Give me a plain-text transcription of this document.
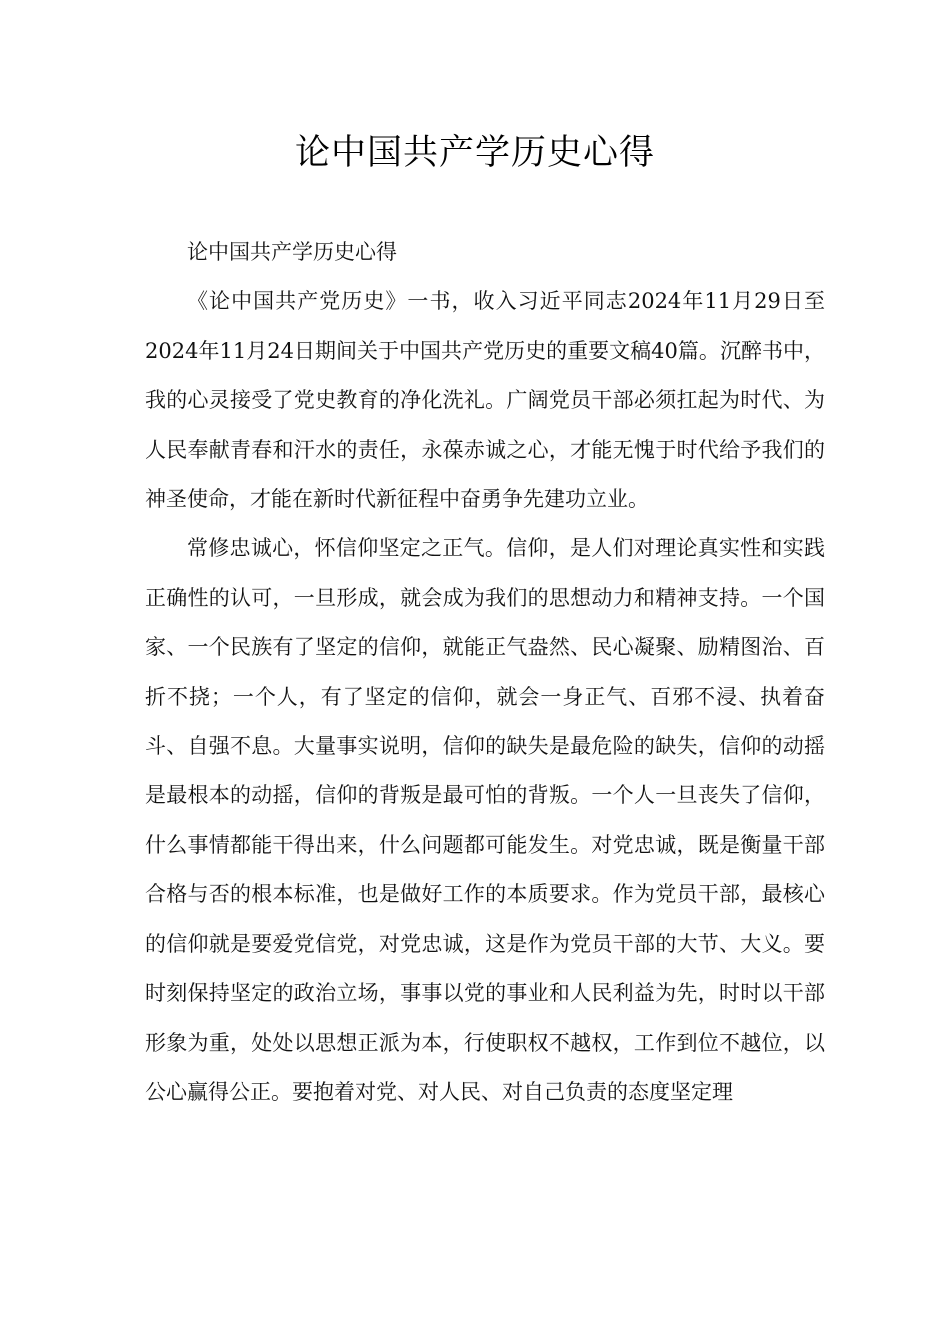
论中国共产学历史心得

论中国共产学历史心得

《论中国共产党历史》一书，收入习近平同志2024年11月29日至2024年11月24日期间关于中国共产党历史的重要文稿40篇。沉醉书中，我的心灵接受了党史教育的净化洗礼。广阔党员干部必须扛起为时代、为人民奉献青春和汗水的责任，永葆赤诚之心，才能无愧于时代给予我们的神圣使命，才能在新时代新征程中奋勇争先建功立业。

常修忠诚心，怀信仰坚定之正气。信仰，是人们对理论真实性和实践正确性的认可，一旦形成，就会成为我们的思想动力和精神支持。一个国家、一个民族有了坚定的信仰，就能正气盎然、民心凝聚、励精图治、百折不挠；一个人，有了坚定的信仰，就会一身正气、百邪不浸、执着奋斗、自强不息。大量事实说明，信仰的缺失是最危险的缺失，信仰的动摇是最根本的动摇，信仰的背叛是最可怕的背叛。一个人一旦丧失了信仰，什么事情都能干得出来，什么问题都可能发生。对党忠诚，既是衡量干部合格与否的根本标准，也是做好工作的本质要求。作为党员干部，最核心的信仰就是要爱党信党，对党忠诚，这是作为党员干部的大节、大义。要时刻保持坚定的政治立场，事事以党的事业和人民利益为先，时时以干部形象为重，处处以思想正派为本，行使职权不越权，工作到位不越位，以公心赢得公正。要抱着对党、对人民、对自己负责的态度坚定理
